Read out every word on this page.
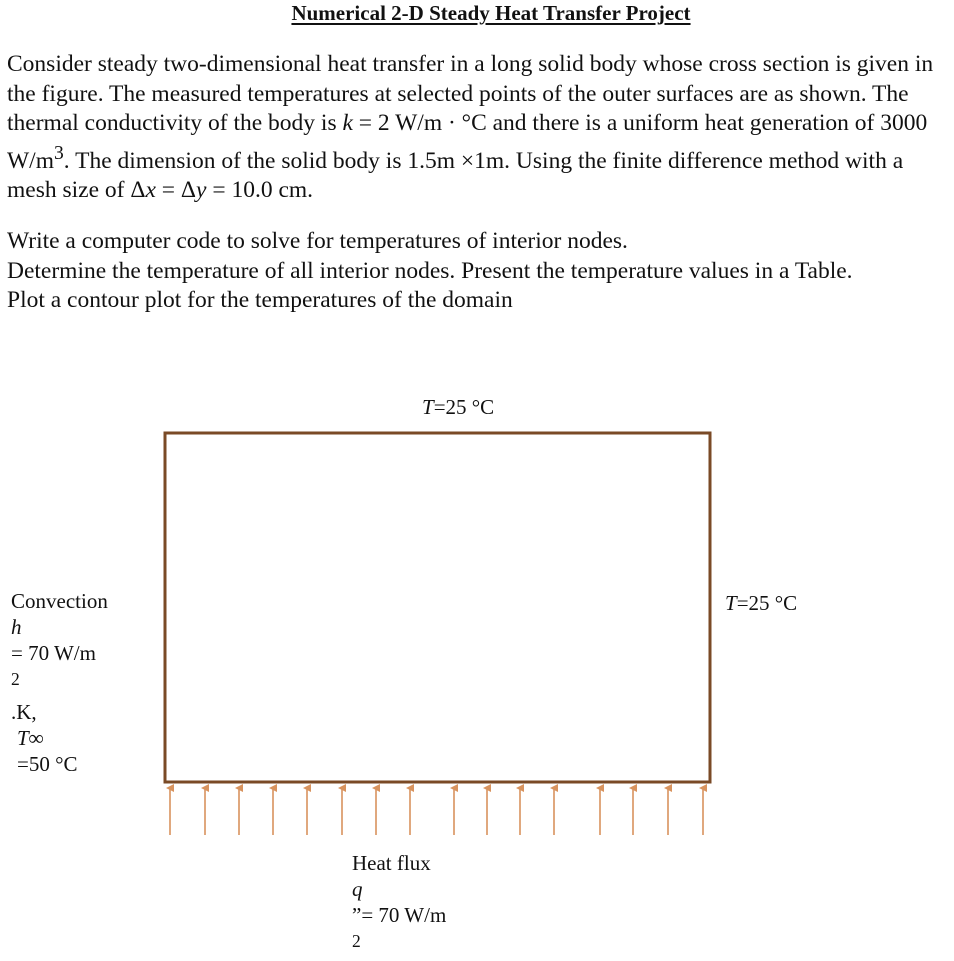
Numerical 2-D Steady Heat Transfer Project

Consider steady two-dimensional heat transfer in a long solid body whose cross section is given in the figure. The measured temperatures at selected points of the outer surfaces are as shown. The thermal conductivity of the body is k = 2 W/m · °C and there is a uniform heat generation of 3000 $W/m^3$. The dimension of the solid body is 1.5m ×1m. Using the finite difference method with a mesh size of Δx = Δy = 10.0 cm.

Write a computer code to solve for temperatures of interior nodes.
Determine the temperature of all interior nodes. Present the temperature values in a Table.
Plot a contour plot for the temperatures of the domain

T=25 °C
T=25 °C
Convection
h
= 70 W/m
$^2$
.K,
T∞
=50 °C
Heat flux
q
”= 70 W/m
$^2$
